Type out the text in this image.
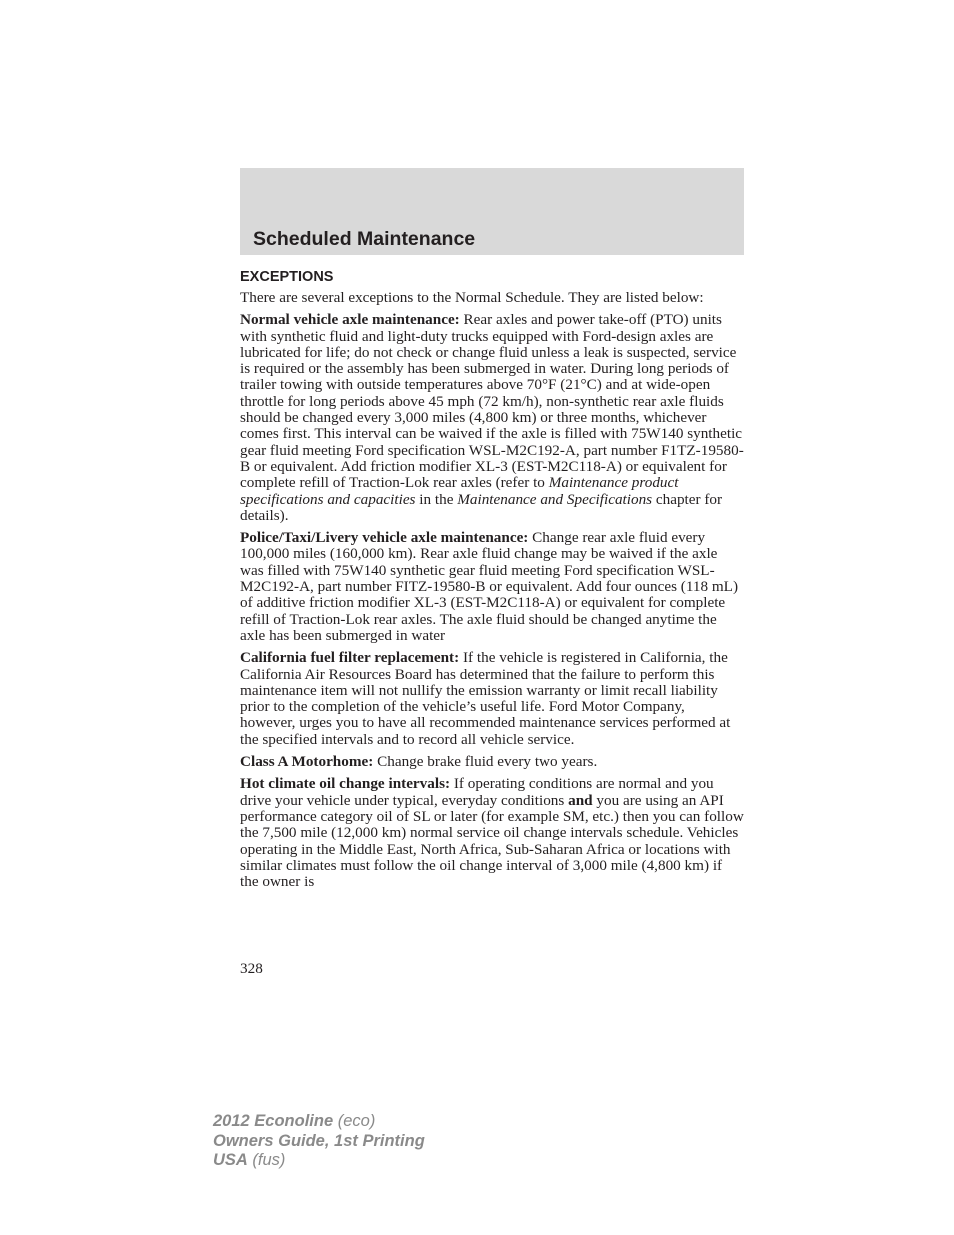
Scheduled Maintenance
EXCEPTIONS

There are several exceptions to the Normal Schedule. They are listed below:

Normal vehicle axle maintenance: Rear axles and power take-off (PTO) units with synthetic fluid and light-duty trucks equipped with Ford-design axles are lubricated for life; do not check or change fluid unless a leak is suspected, service is required or the assembly has been submerged in water. During long periods of trailer towing with outside temperatures above 70°F (21°C) and at wide-open throttle for long periods above 45 mph (72 km/h), non-synthetic rear axle fluids should be changed every 3,000 miles (4,800 km) or three months, whichever comes first. This interval can be waived if the axle is filled with 75W140 synthetic gear fluid meeting Ford specification WSL-M2C192-A, part number F1TZ-19580-B or equivalent. Add friction modifier XL-3 (EST-M2C118-A) or equivalent for complete refill of Traction-Lok rear axles (refer to Maintenance product specifications and capacities in the Maintenance and Specifications chapter for details).

Police/Taxi/Livery vehicle axle maintenance: Change rear axle fluid every 100,000 miles (160,000 km). Rear axle fluid change may be waived if the axle was filled with 75W140 synthetic gear fluid meeting Ford specification WSL-M2C192-A, part number FITZ-19580-B or equivalent. Add four ounces (118 mL) of additive friction modifier XL-3 (EST-M2C118-A) or equivalent for complete refill of Traction-Lok rear axles. The axle fluid should be changed anytime the axle has been submerged in water

California fuel filter replacement: If the vehicle is registered in California, the California Air Resources Board has determined that the failure to perform this maintenance item will not nullify the emission warranty or limit recall liability prior to the completion of the vehicle’s useful life. Ford Motor Company, however, urges you to have all recommended maintenance services performed at the specified intervals and to record all vehicle service.

Class A Motorhome: Change brake fluid every two years.

Hot climate oil change intervals: If operating conditions are normal and you drive your vehicle under typical, everyday conditions and you are using an API performance category oil of SL or later (for example SM, etc.) then you can follow the 7,500 mile (12,000 km) normal service oil change intervals schedule. Vehicles operating in the Middle East, North Africa, Sub-Saharan Africa or locations with similar climates must follow the oil change interval of 3,000 mile (4,800 km) if the owner is

328
2012 Econoline (eco)
Owners Guide, 1st Printing
USA (fus)
